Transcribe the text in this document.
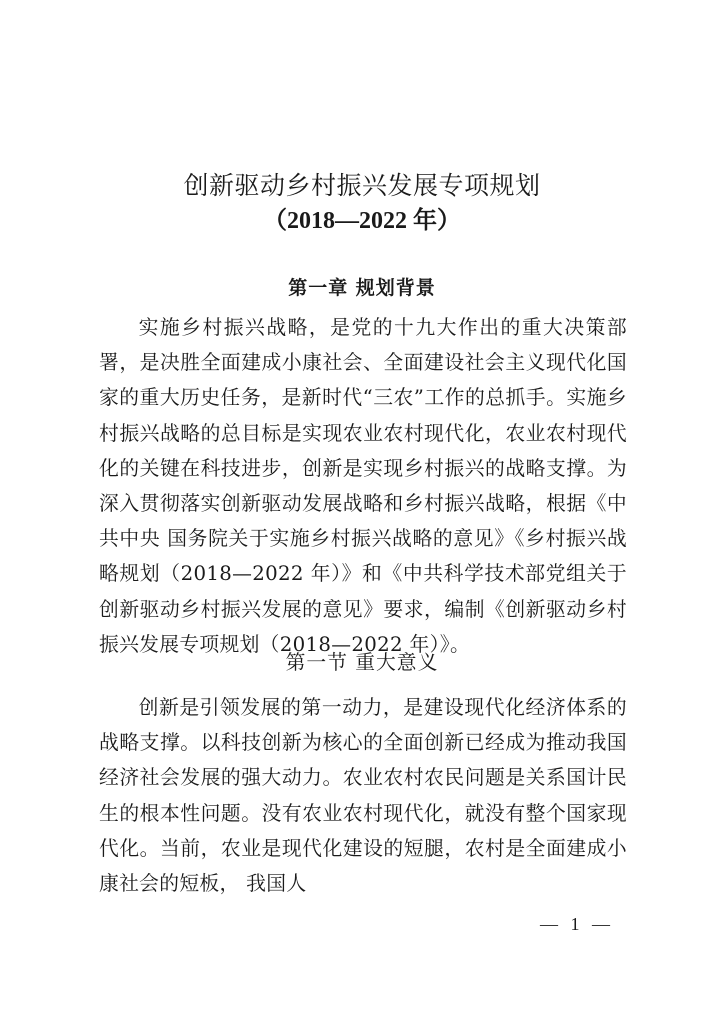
创新驱动乡村振兴发展专项规划
（2018—2022 年）
第一章 规划背景

实施乡村振兴战略，是党的十九大作出的重大决策部署，是决胜全面建成小康社会、全面建设社会主义现代化国家的重大历史任务，是新时代“三农”工作的总抓手。实施乡村振兴战略的总目标是实现农业农村现代化，农业农村现代化的关键在科技进步，创新是实现乡村振兴的战略支撑。为深入贯彻落实创新驱动发展战略和乡村振兴战略，根据《中共中央 国务院关于实施乡村振兴战略的意见》《乡村振兴战略规划（2018—2022 年）》和《中共科学技术部党组关于创新驱动乡村振兴发展的意见》要求，编制《创新驱动乡村振兴发展专项规划（2018—2022 年）》。

第一节 重大意义

创新是引领发展的第一动力，是建设现代化经济体系的战略支撑。以科技创新为核心的全面创新已经成为推动我国经济社会发展的强大动力。农业农村农民问题是关系国计民生的根本性问题。没有农业农村现代化，就没有整个国家现代化。当前，农业是现代化建设的短腿，农村是全面建成小康社会的短板， 我国人

— 1 —
